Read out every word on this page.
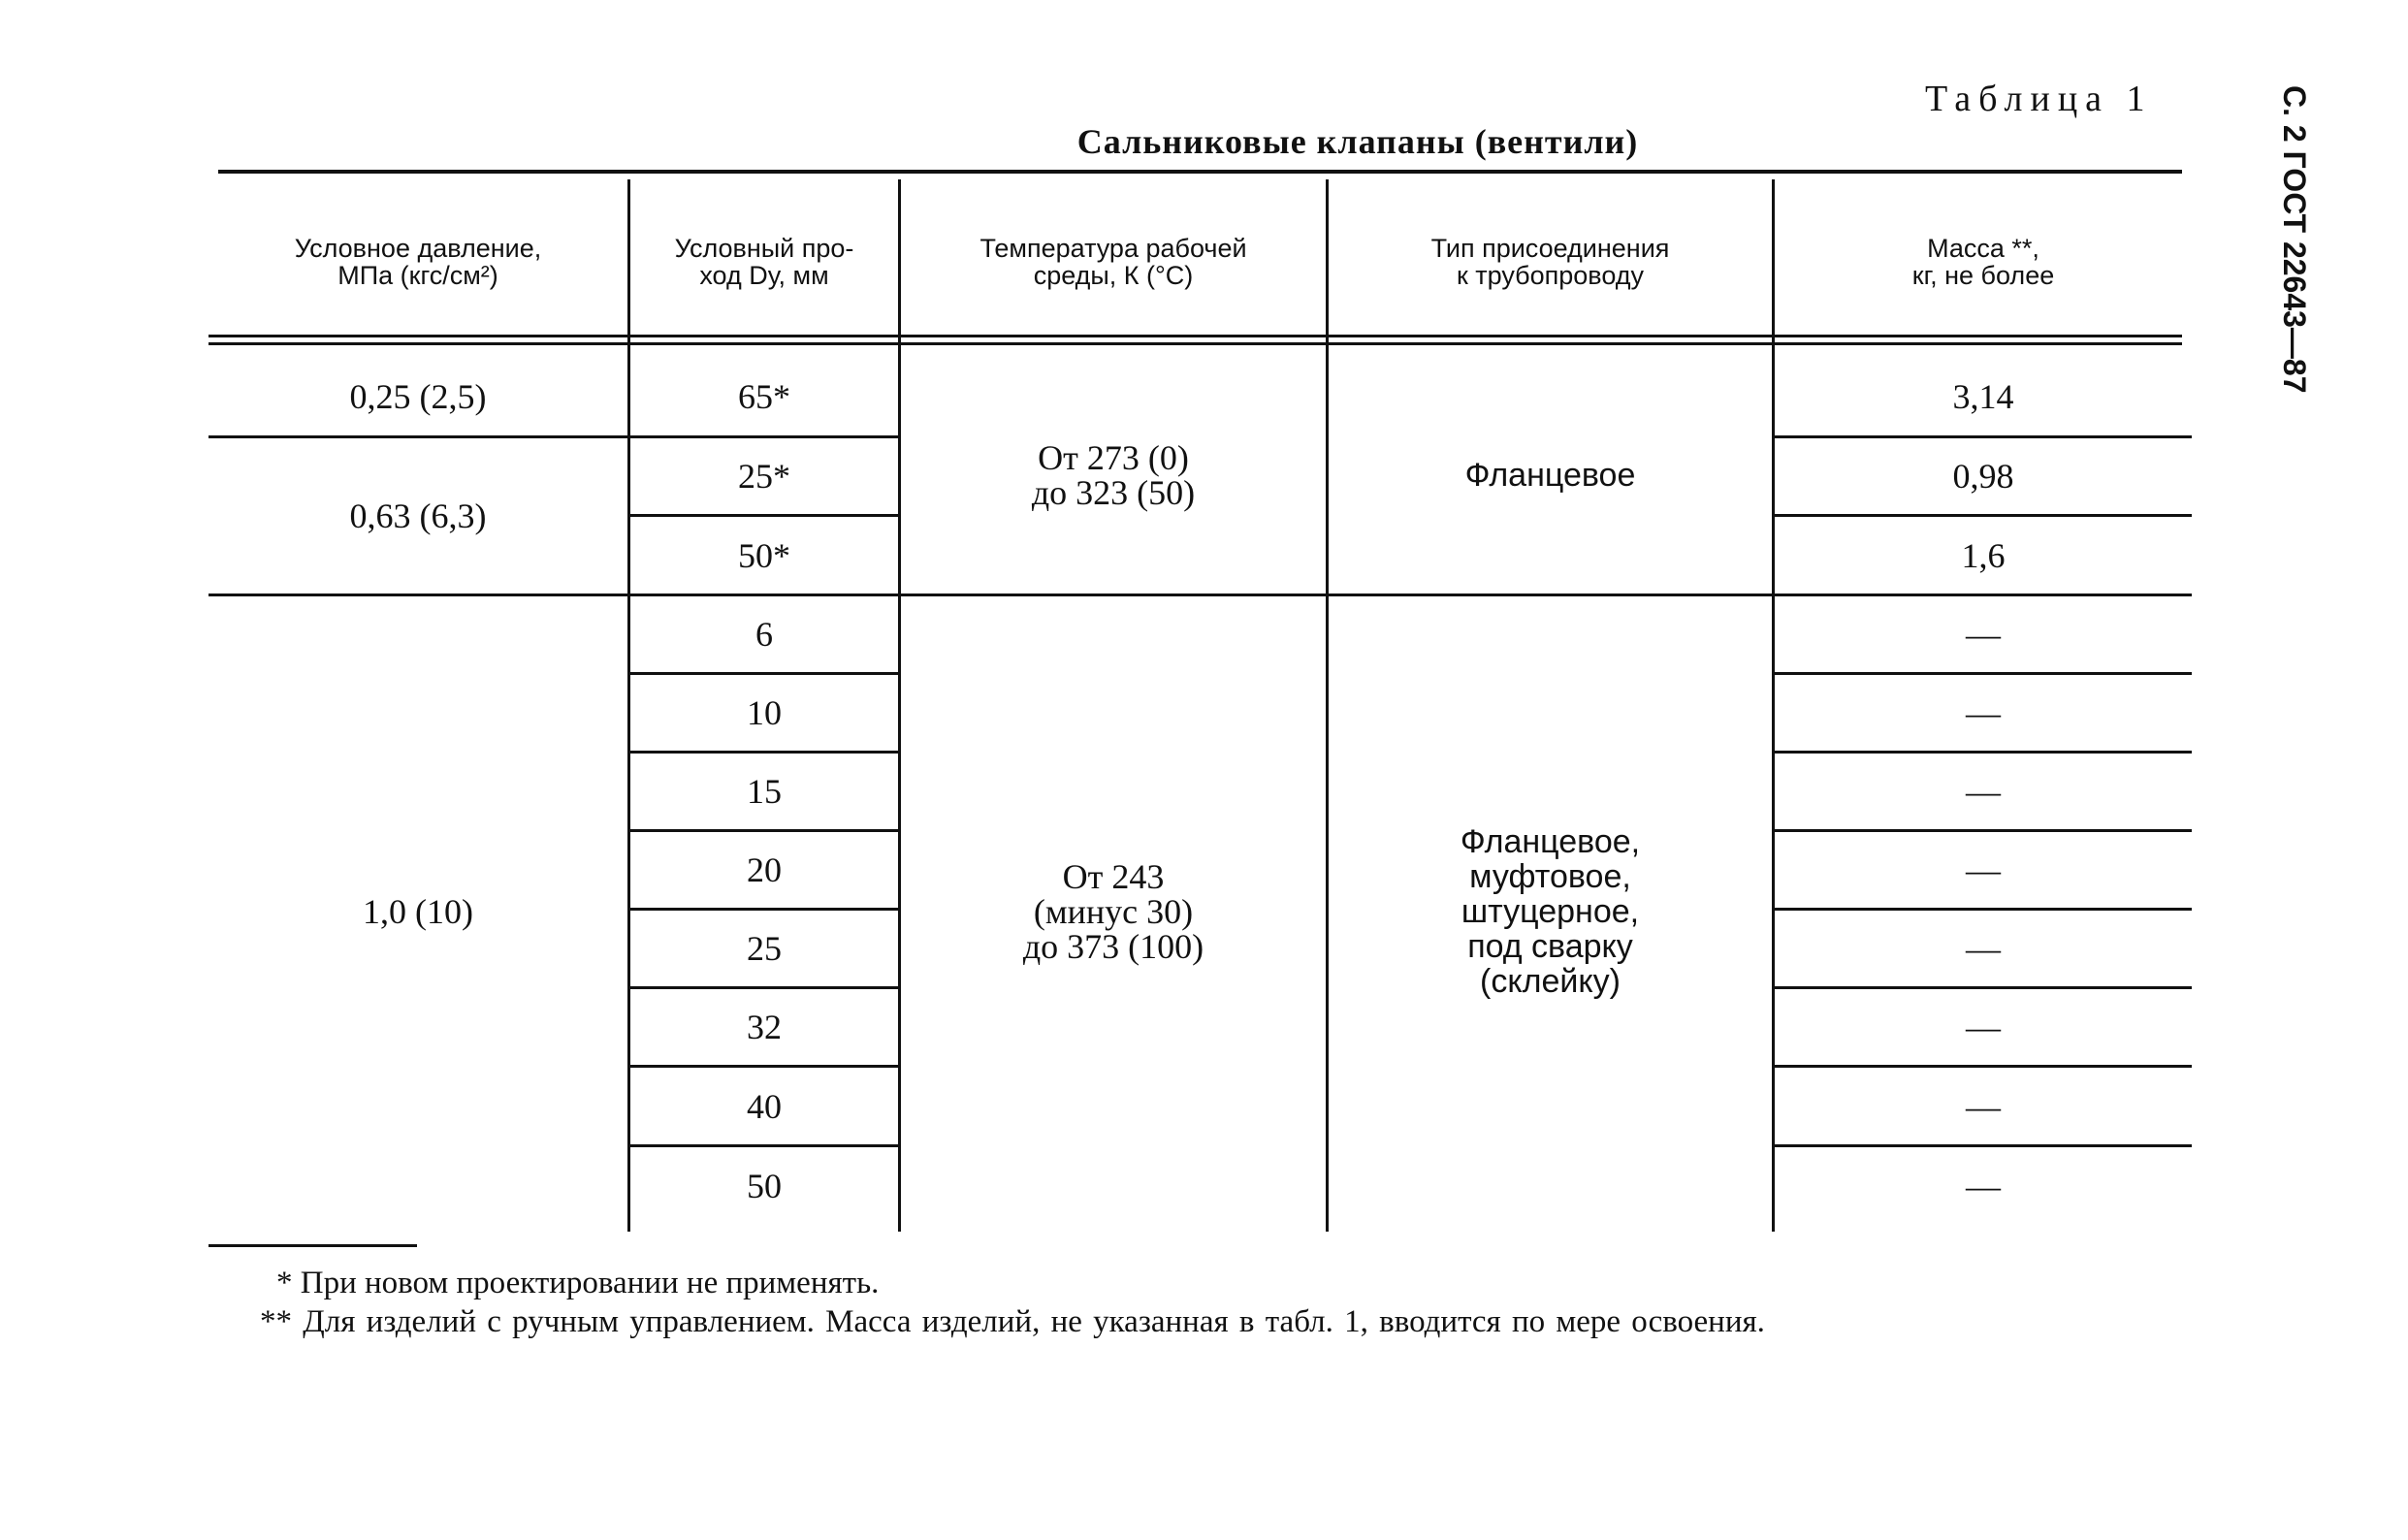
Таблица 1
Сальниковые клапаны (вентили)	С. 2 ГОСТ 22643—87
Условное давление,
МПа (кгс/см²)
Условный про-
ход Dу, мм
Температура рабочей
среды, К (°С)
Тип присоединения
к трубопроводу
Масса **,
кг, не более
0,25 (2,5)
0,63 (6,3)
1,0 (10)
65*
25*
50*
6
10
15
20
25
32
40
50
От 273 (0)
до 323 (50)
От 243
(минус 30)
до 373 (100)
Фланцевое
Фланцевое,
муфтовое,
штуцерное,
под сварку
(склейку)
3,14
0,98
1,6
—
—
—
—
—
—
—
—
* При новом проектировании не применять.
** Для изделий с ручным управлением. Масса изделий, не указанная в табл. 1, вводится по мере освоения.
